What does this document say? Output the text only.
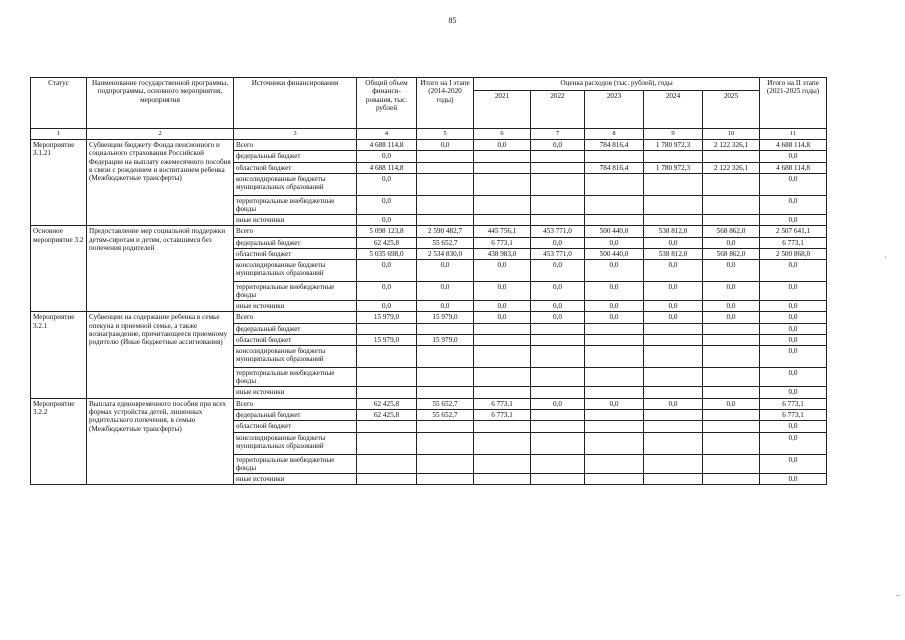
85
Статус	Наименование государственной программы, подпрограммы, основного мероприятия, мероприятия	Источники финансирования	Общий объем финанси-рования, тыс. рублей	Итого на I этапе (2014-2020 годы)	Оценка расходов (тыс. рублей), годы					Итого на II этапе (2021-2025 годы)
					2021	2022	2023	2024	2025	
1	2	3	4	5	6	7	8	9	10	11
Мероприятие 3.1.21	Субвенции бюджету Фонда пенсионного и социального страхования Российской Федерации на выплату ежемесячного пособия в связи с рождением и воспитанием ребенка (Межбюджетные трансферты)	Всего	4 688 114,8	0,0	0,0	0,0	784 816,4	1 780 972,3	2 122 326,1	4 688 114,8
		федеральный бюджет	0,0							0,0
		областной бюджет	4 688 114,8				784 816,4	1 780 972,3	2 122 326,1	4 688 114,8
		консолидированные бюджеты муниципальных образований	0,0							0,0
		территориальные внебюджетные фонды	0,0							0,0
		иные источники	0,0							0,0
Основное мероприятие 3.2	Предоставление мер социальной поддержки детям-сиротам и детям, оставшимся без попечения родителей	Всего	5 098 123,8	2 590 482,7	445 756,1	453 771,0	500 440,0	538 812,0	568 862,0	2 507 641,1
		федеральный бюджет	62 425,8	55 652,7	6 773,1	0,0	0,0	0,0	0,0	6 773,1
		областной бюджет	5 035 698,0	2 534 830,0	438 983,0	453 771,0	500 440,0	538 812,0	568 862,0	2 500 868,0
		консолидированные бюджеты муниципальных образований	0,0	0,0	0,0	0,0	0,0	0,0	0,0	0,0
		территориальные внебюджетные фонды	0,0	0,0	0,0	0,0	0,0	0,0	0,0	0,0
		иные источники	0,0	0,0	0,0	0,0	0,0	0,0	0,0	0,0
Мероприятие 3.2.1	Субвенции на содержание ребенка в семье опекуна и приемной семье, а также вознаграждение, причитающееся приемному родителю (Иные бюджетные ассигнования)	Всего	15 979,0	15 979,0	0,0	0,0	0,0	0,0	0,0	0,0
		федеральный бюджет								0,0
		областной бюджет	15 979,0	15 979,0						0,0
		консолидированные бюджеты муниципальных образований								0,0
		территориальные внебюджетные фонды								0,0
		иные источники								0,0
Мероприятие 3.2.2	Выплата единовременного пособия при всех формах устройства детей, лишенных родительского попечения, в семью (Межбюджетные трансферты)	Всего	62 425,8	55 652,7	6 773,1	0,0	0,0	0,0	0,0	6 773,1
		федеральный бюджет	62 425,8	55 652,7	6 773,1					6 773,1
		областной бюджет								0,0
		консолидированные бюджеты муниципальных образований								0,0
		территориальные внебюджетные фонды								0,0
		иные источники								0,0
·
–
